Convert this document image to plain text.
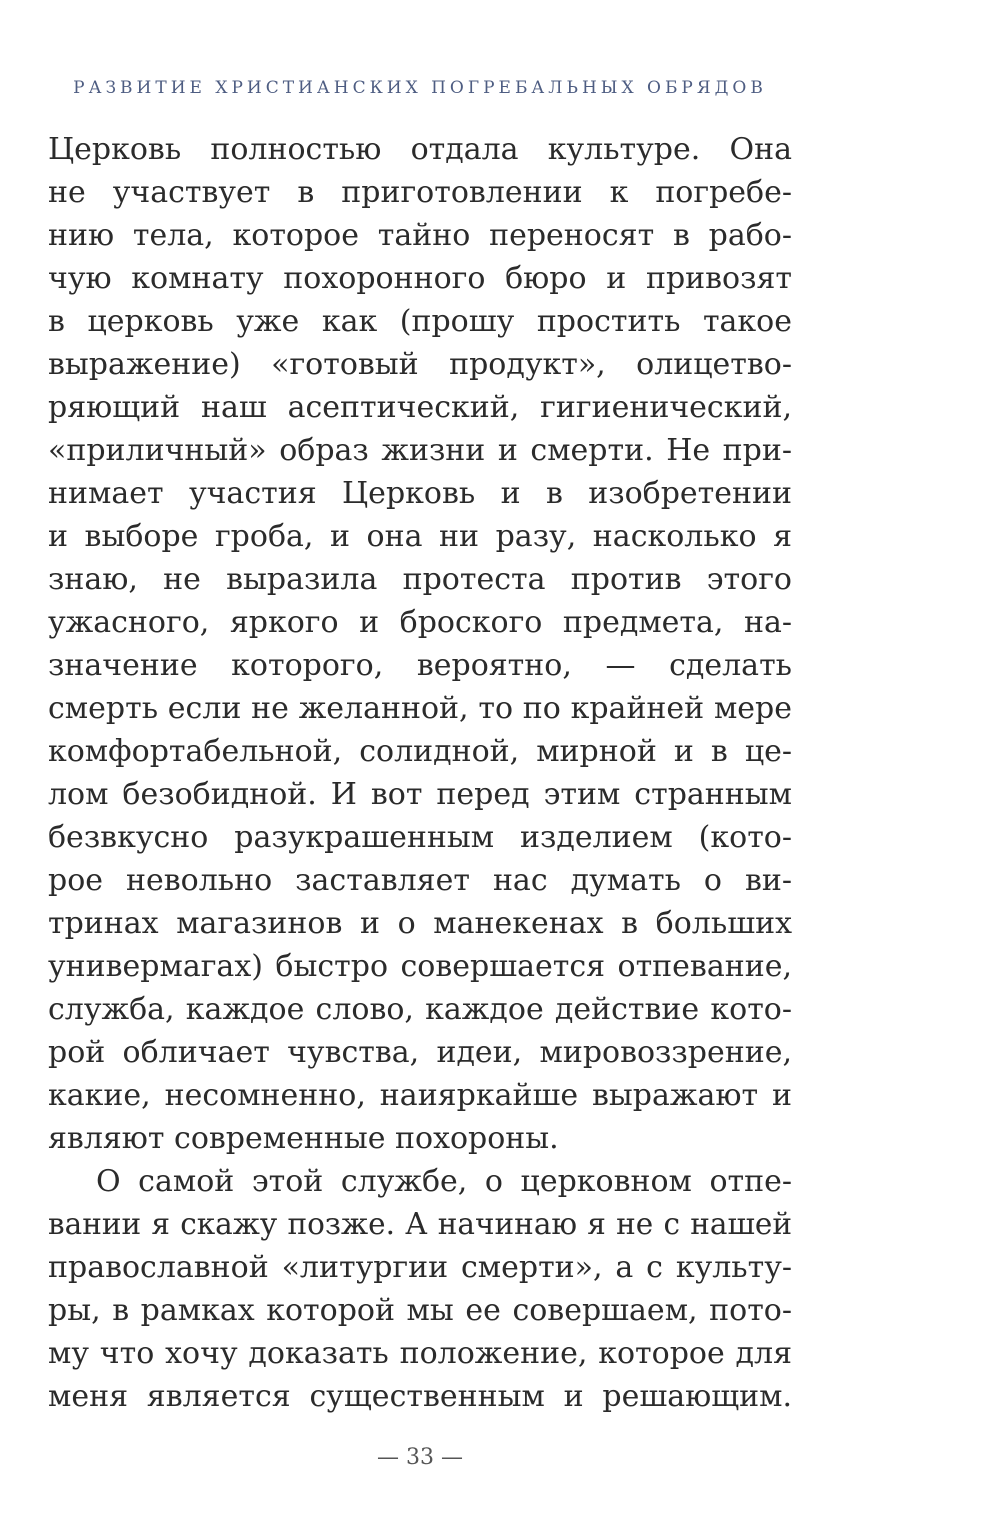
РАЗВИТИЕ ХРИСТИАНСКИХ ПОГРЕБАЛЬНЫХ ОБРЯДОВ
Церковь полностью отдала культуре. Она
не участвует в приготовлении к погребе-
нию тела, которое тайно переносят в рабо-
чую комнату похоронного бюро и привозят
в церковь уже как (прошу простить такое
выражение) «готовый продукт», олицетво-
ряющий наш асептический, гигиенический,
«приличный» образ жизни и смерти. Не при-
нимает участия Церковь и в изобретении
и выборе гроба, и она ни разу, насколько я
знаю, не выразила протеста против этого
ужасного, яркого и броского предмета, на-
значение которого, вероятно, — сделать
смерть если не желанной, то по крайней мере
комфортабельной, солидной, мирной и в це-
лом безобидной. И вот перед этим странным
безвкусно разукрашенным изделием (кото-
рое невольно заставляет нас думать о ви-
тринах магазинов и о манекенах в больших
универмагах) быстро совершается отпевание,
служба, каждое слово, каждое действие кото-
рой обличает чувства, идеи, мировоззрение,
какие, несомненно, наияркайше выражают и
являют современные похороны.
О самой этой службе, о церковном отпе-
вании я скажу позже. А начинаю я не с нашей
православной «литургии смерти», а с культу-
ры, в рамках которой мы ее совершаем, пото-
му что хочу доказать положение, которое для
меня является существенным и решающим.
— 33 —
